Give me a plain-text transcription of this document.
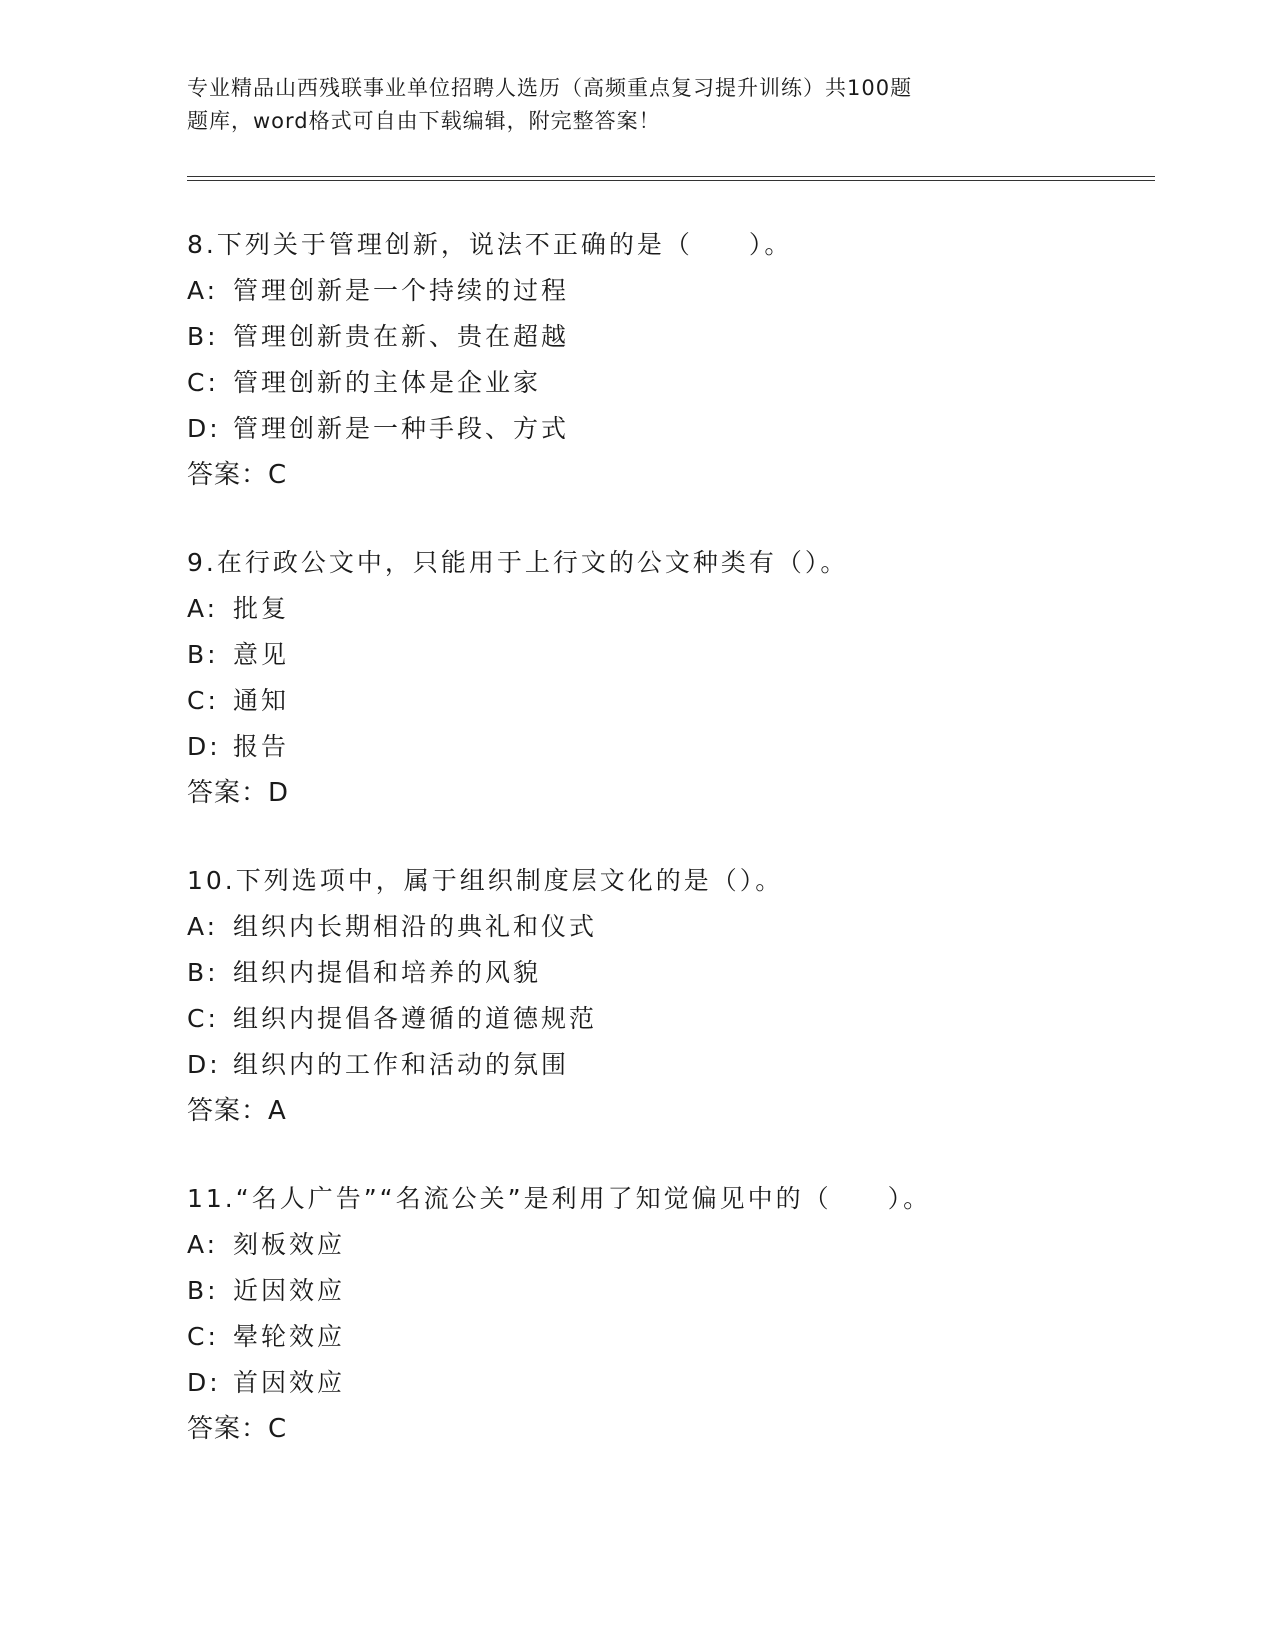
专业精品山西残联事业单位招聘人选历（高频重点复习提升训练）共100题
题库，word格式可自由下载编辑，附完整答案！
8.下列关于管理创新，说法不正确的是（　　）。
A: 管理创新是一个持续的过程
B: 管理创新贵在新、贵在超越
C: 管理创新的主体是企业家
D: 管理创新是一种手段、方式
答案：C
9.在行政公文中，只能用于上行文的公文种类有（）。
A: 批复
B: 意见
C: 通知
D: 报告
答案：D
10.下列选项中，属于组织制度层文化的是（）。
A: 组织内长期相沿的典礼和仪式
B: 组织内提倡和培养的风貌
C: 组织内提倡各遵循的道德规范
D: 组织内的工作和活动的氛围
答案：A
11.“名人广告”“名流公关”是利用了知觉偏见中的（　　）。
A: 刻板效应
B: 近因效应
C: 晕轮效应
D: 首因效应
答案：C
